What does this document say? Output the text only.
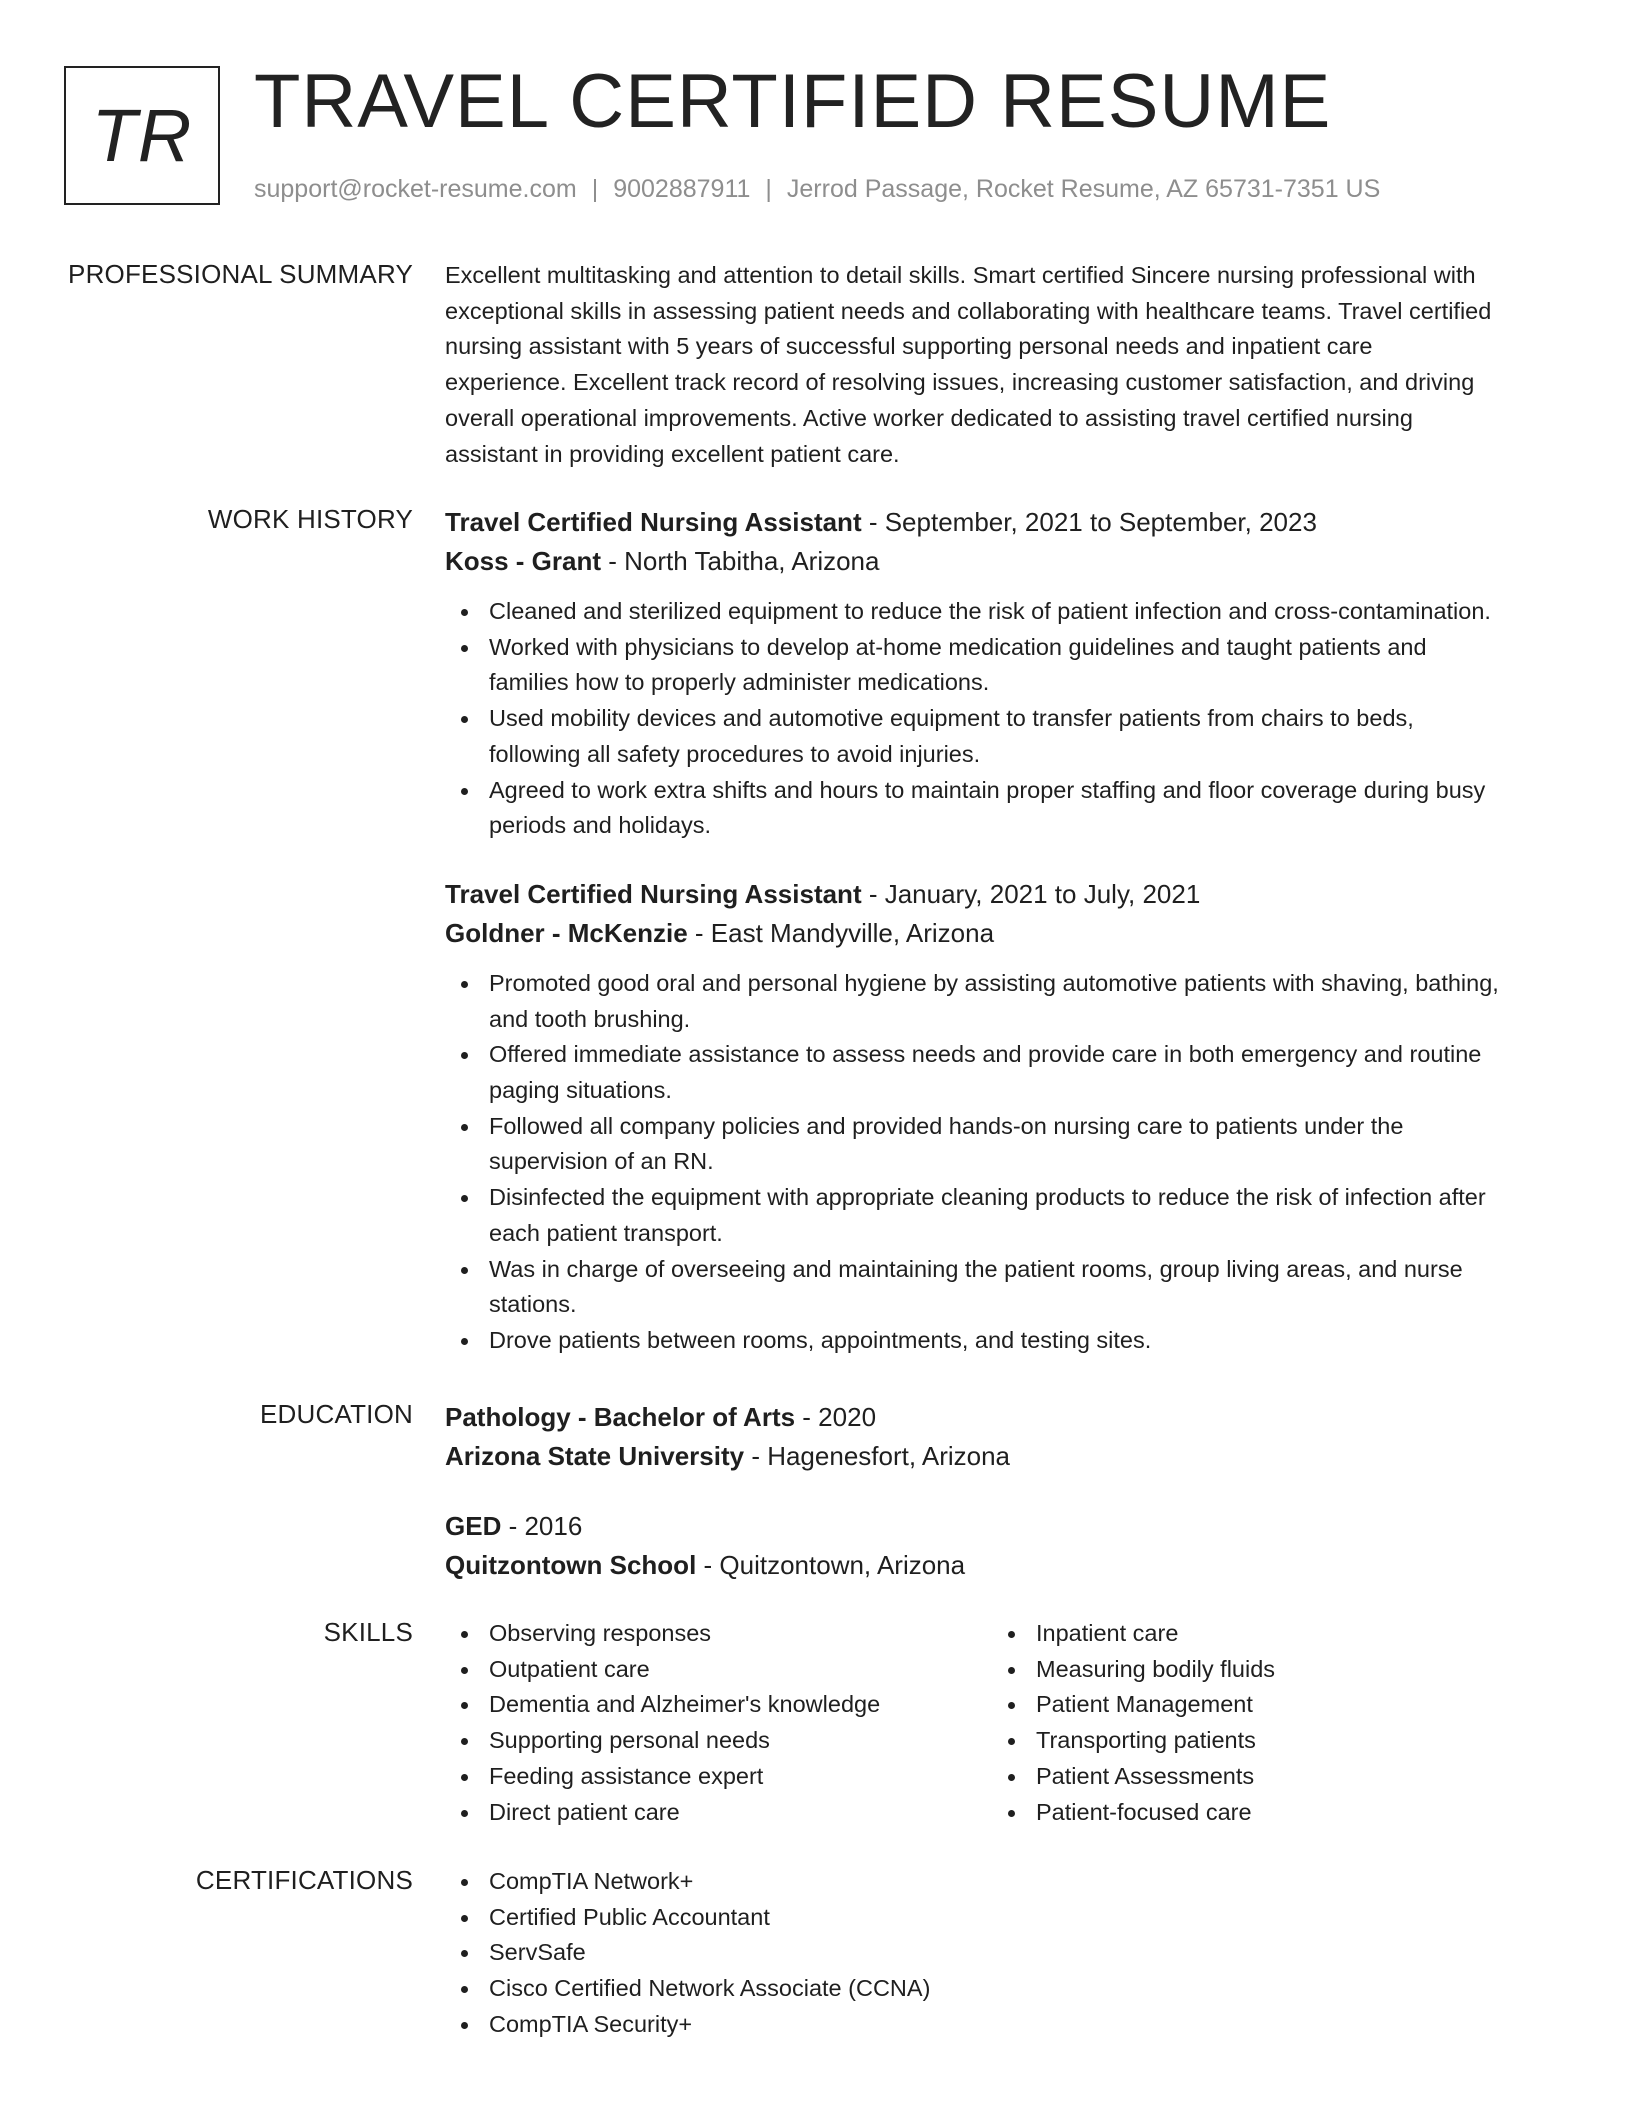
TR TRAVEL CERTIFIED RESUME
support@rocket-resume.com | 9002887911 | Jerrod Passage, Rocket Resume, AZ 65731-7351 US
PROFESSIONAL SUMMARY Excellent multitasking and attention to detail skills. Smart certified Sincere nursing professional with
exceptional skills in assessing patient needs and collaborating with healthcare teams. Travel certified
nursing assistant with 5 years of successful supporting personal needs and inpatient care
experience. Excellent track record of resolving issues, increasing customer satisfaction, and driving
overall operational improvements. Active worker dedicated to assisting travel certified nursing
assistant in providing excellent patient care.

WORK HISTORY Travel Certified Nursing Assistant - September, 2021 to September, 2023
Koss - Grant - North Tabitha, Arizona
Cleaned and sterilized equipment to reduce the risk of patient infection and cross-contamination.
Worked with physicians to develop at-home medication guidelines and taught patients and
families how to properly administer medications.
Used mobility devices and automotive equipment to transfer patients from chairs to beds,
following all safety procedures to avoid injuries.
Agreed to work extra shifts and hours to maintain proper staffing and floor coverage during busy
periods and holidays.
Travel Certified Nursing Assistant - January, 2021 to July, 2021
Goldner - McKenzie - East Mandyville, Arizona
Promoted good oral and personal hygiene by assisting automotive patients with shaving, bathing,
and tooth brushing.
Offered immediate assistance to assess needs and provide care in both emergency and routine
paging situations.
Followed all company policies and provided hands-on nursing care to patients under the
supervision of an RN.
Disinfected the equipment with appropriate cleaning products to reduce the risk of infection after
each patient transport.
Was in charge of overseeing and maintaining the patient rooms, group living areas, and nurse
stations.
Drove patients between rooms, appointments, and testing sites.
EDUCATION Pathology - Bachelor of Arts - 2020
Arizona State University - Hagenesfort, Arizona
GED - 2016
Quitzontown School - Quitzontown, Arizona
SKILLS	Observing responses
Outpatient care
Dementia and Alzheimer's knowledge
Supporting personal needs
Feeding assistance expert
Direct patient care
Inpatient care
Measuring bodily fluids
Patient Management
Transporting patients
Patient Assessments
Patient-focused care
CERTIFICATIONS	CompTIA Network+
Certified Public Accountant
ServSafe
Cisco Certified Network Associate (CCNA)
CompTIA Security+
